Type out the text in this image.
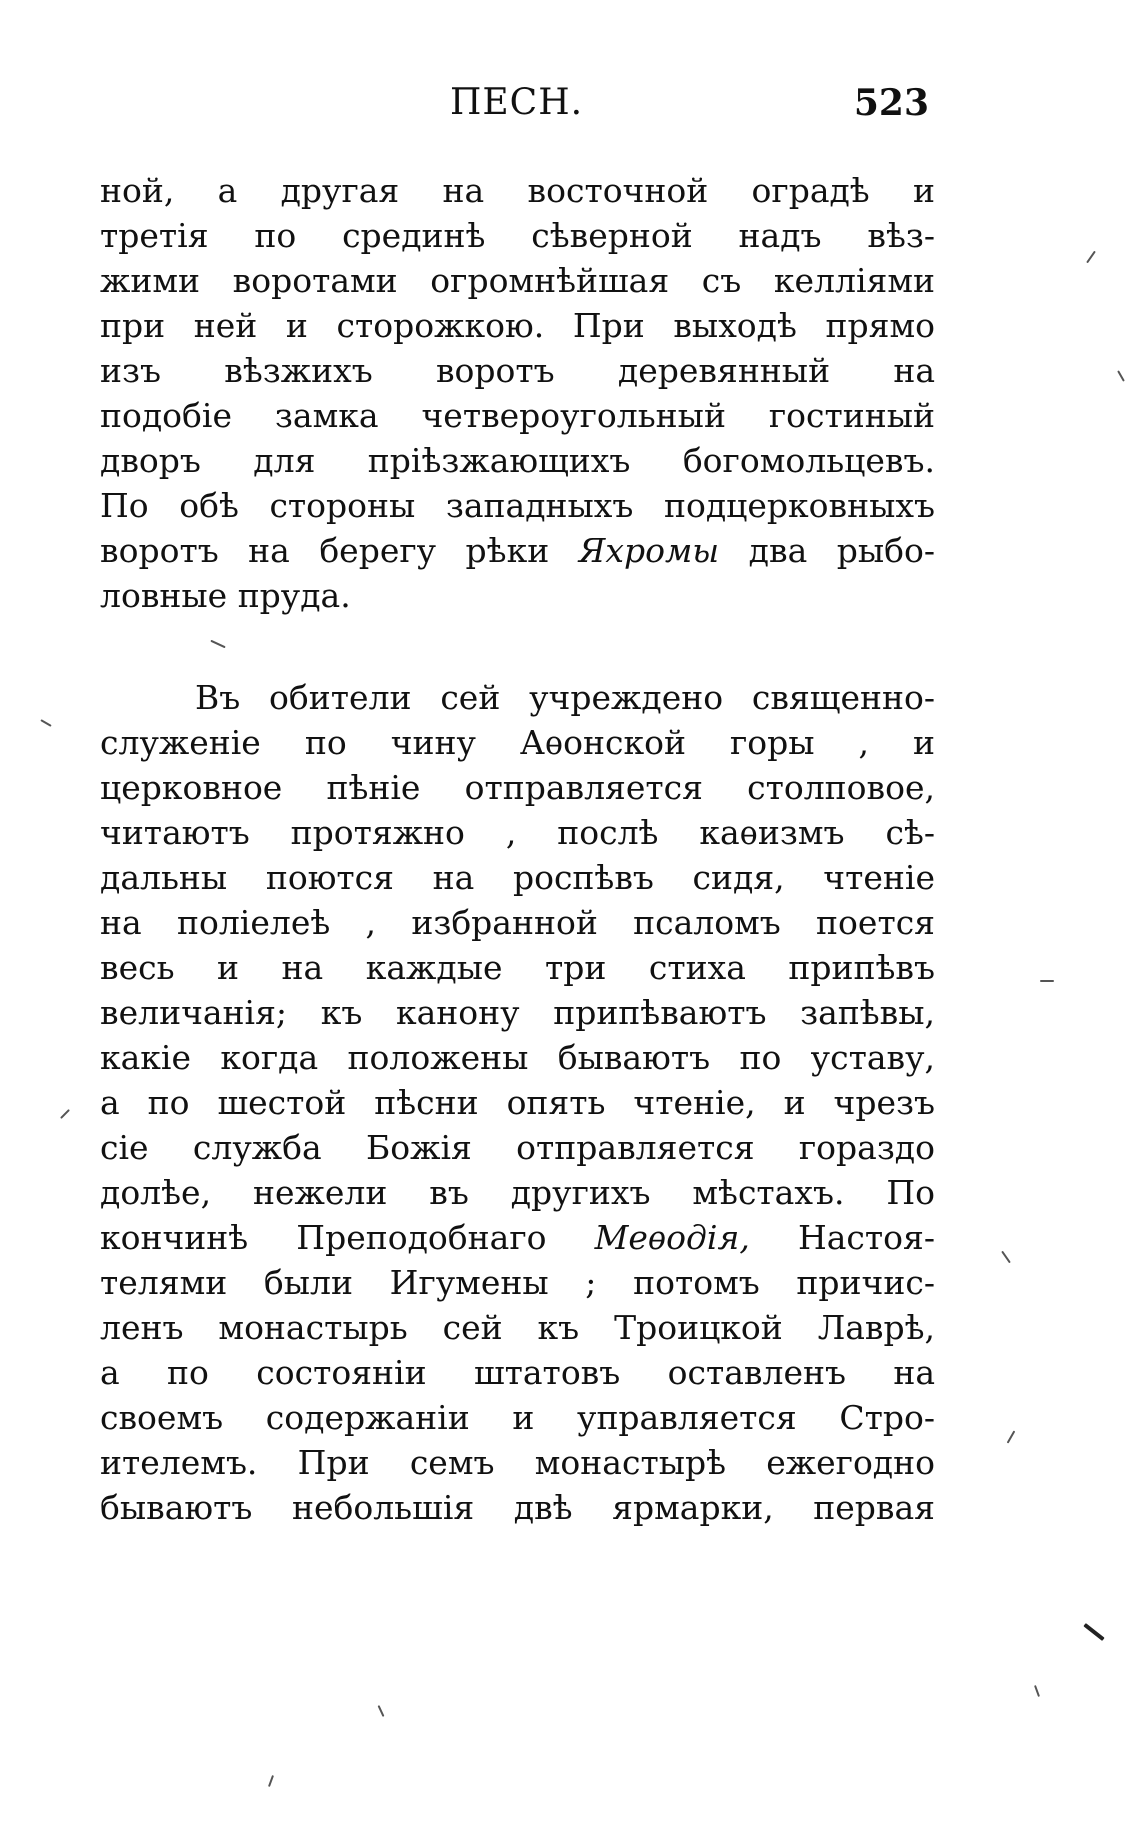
ПЕСН.	523
ной, а другая на восточной оградѣ и
третія по срединѣ сѣверной надъ вѣз-
жими воротами огромнѣйшая съ келліями
при ней и сторожкою. При выходѣ прямо
изъ вѣзжихъ воротъ деревянный на
подобіе замка четвероугольный гостиный
дворъ для пріѣзжающихъ богомольцевъ.
По обѣ стороны западныхъ подцерковныхъ
воротъ на берегу рѣки Яхромы два рыбо-
ловные пруда.
Въ обители сей учреждено священно-
служеніе по чину Аѳонской горы , и
церковное пѣніе отправляется столповое,
читаютъ протяжно , послѣ каѳизмъ сѣ-
дальны поются на роспѣвъ сидя, чтеніе
на поліелеѣ , избранной псаломъ поется
весь и на каждые три стиха припѣвъ
величанія; къ канону припѣваютъ запѣвы,
какіе когда положены бываютъ по уставу,
а по шестой пѣсни опять чтеніе, и чрезъ
сіе служба Божія отправляется гораздо
долѣе, нежели въ другихъ мѣстахъ. По
кончинѣ Преподобнаго Меѳодія, Настоя-
телями были Игумены ; потомъ причис-
ленъ монастырь сей къ Троицкой Лаврѣ,
а по состояніи штатовъ оставленъ на
своемъ содержаніи и управляется Стро-
ителемъ. При семъ монастырѣ ежегодно
бываютъ небольшія двѣ ярмарки, первая
